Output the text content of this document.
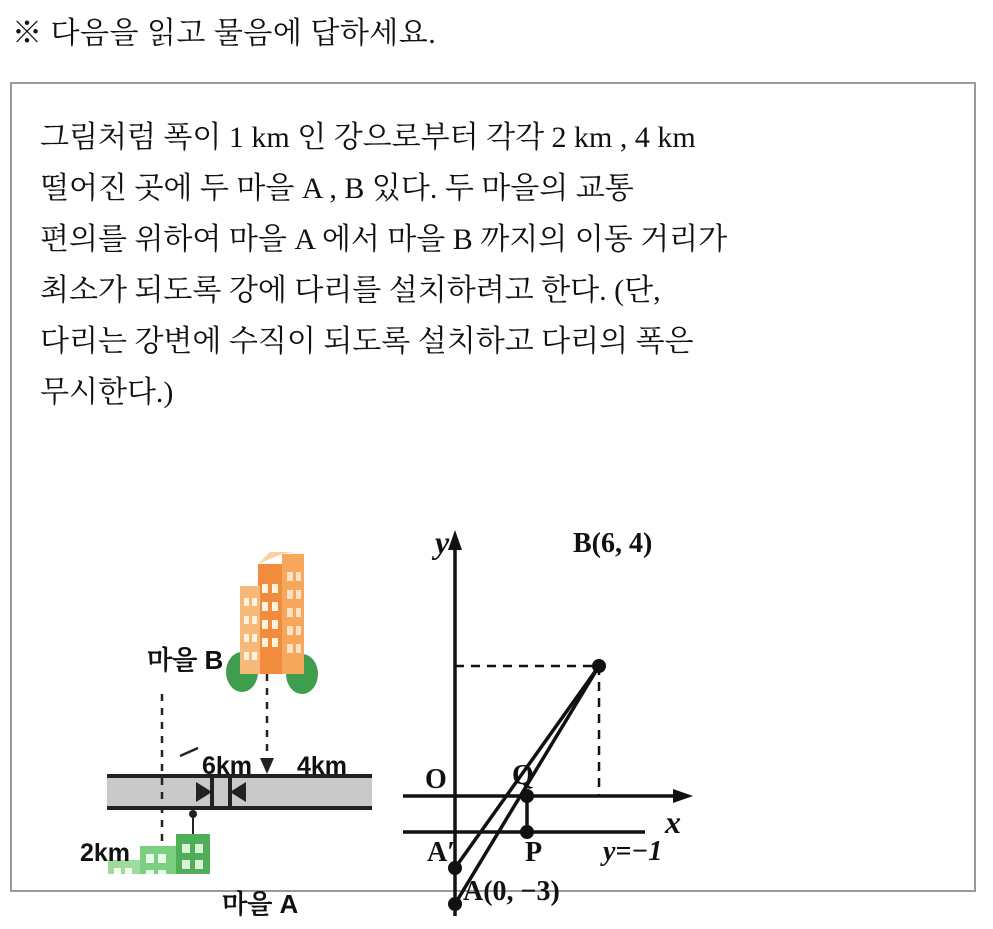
※ 다음을 읽고 물음에 답하세요.
그림처럼 폭이 1 km 인 강으로부터 각각 2 km , 4 km
떨어진 곳에 두 마을 A , B 있다. 두 마을의 교통
편의를 위하여 마을 A 에서 마을 B 까지의 이동 거리가
최소가 되도록 강에 다리를 설치하려고 한다. (단,
다리는 강변에 수직이 되도록 설치하고 다리의 폭은
무시한다.)
마을 B
마을 A
6km 4km
2km
y
x
B(6, 4)
O Q
A′ P y=−1
A(0, −3)
